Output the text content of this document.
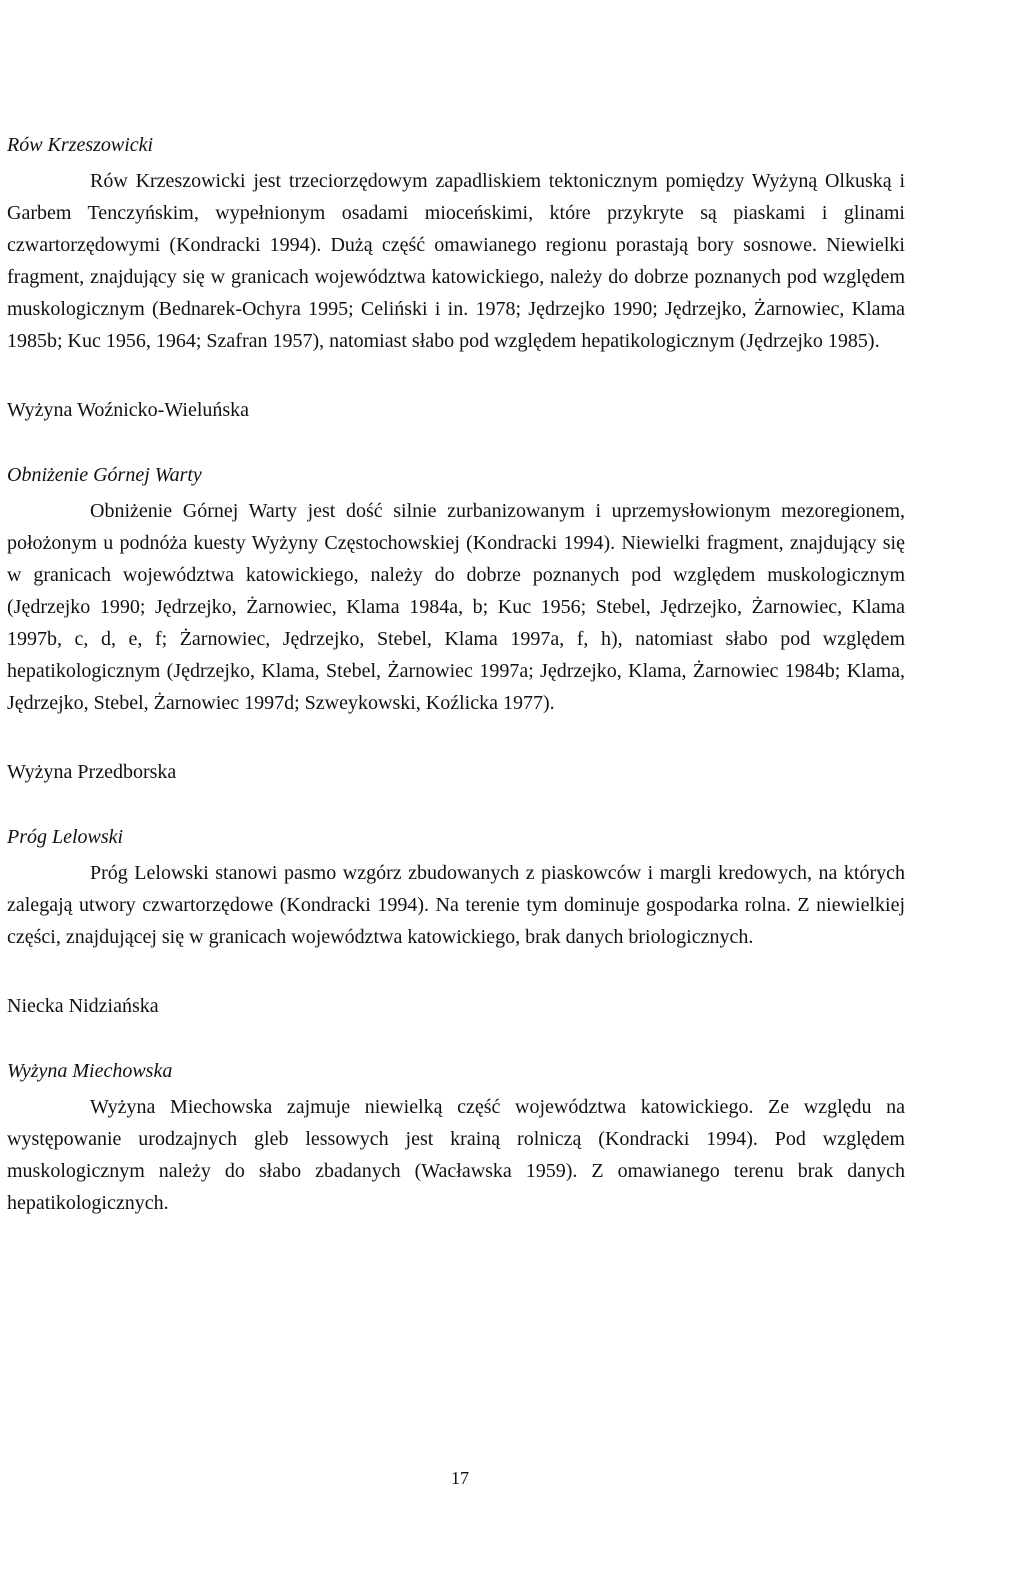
Rów Krzeszowicki

Rów Krzeszowicki jest trzeciorzędowym zapadliskiem tektonicznym pomiędzy Wyżyną Olkuską i Garbem Tenczyńskim, wypełnionym osadami mioceńskimi, które przykryte są piaskami i glinami czwartorzędowymi (Kondracki 1994). Dużą część omawianego regionu porastają bory sosnowe. Niewielki fragment, znajdujący się w granicach województwa katowickiego, należy do dobrze poznanych pod względem muskologicznym (Bednarek-Ochyra 1995; Celiński i in. 1978; Jędrzejko 1990; Jędrzejko, Żarnowiec, Klama 1985b; Kuc 1956, 1964; Szafran 1957), natomiast słabo pod względem hepatikologicznym (Jędrzejko 1985).

Wyżyna Woźnicko-Wieluńska
Obniżenie Górnej Warty

Obniżenie Górnej Warty jest dość silnie zurbanizowanym i uprzemysłowionym mezoregionem, położonym u podnóża kuesty Wyżyny Częstochowskiej (Kondracki 1994). Niewielki fragment, znajdujący się w granicach województwa katowickiego, należy do dobrze poznanych pod względem muskologicznym (Jędrzejko 1990; Jędrzejko, Żarnowiec, Klama 1984a, b; Kuc 1956; Stebel, Jędrzejko, Żarnowiec, Klama 1997b, c, d, e, f; Żarnowiec, Jędrzejko, Stebel, Klama 1997a, f, h), natomiast słabo pod względem hepatikologicznym (Jędrzejko, Klama, Stebel, Żarnowiec 1997a; Jędrzejko, Klama, Żarnowiec 1984b; Klama, Jędrzejko, Stebel, Żarnowiec 1997d; Szweykowski, Koźlicka 1977).

Wyżyna Przedborska
Próg Lelowski

Próg Lelowski stanowi pasmo wzgórz zbudowanych z piaskowców i margli kredowych, na których zalegają utwory czwartorzędowe (Kondracki 1994). Na terenie tym dominuje gospodarka rolna. Z niewielkiej części, znajdującej się w granicach województwa katowickiego, brak danych briologicznych.

Niecka Nidziańska
Wyżyna Miechowska

Wyżyna Miechowska zajmuje niewielką część województwa katowickiego. Ze względu na występowanie urodzajnych gleb lessowych jest krainą rolniczą (Kondracki 1994). Pod względem muskologicznym należy do słabo zbadanych (Wacławska 1959). Z omawianego terenu brak danych hepatikologicznych.

17
